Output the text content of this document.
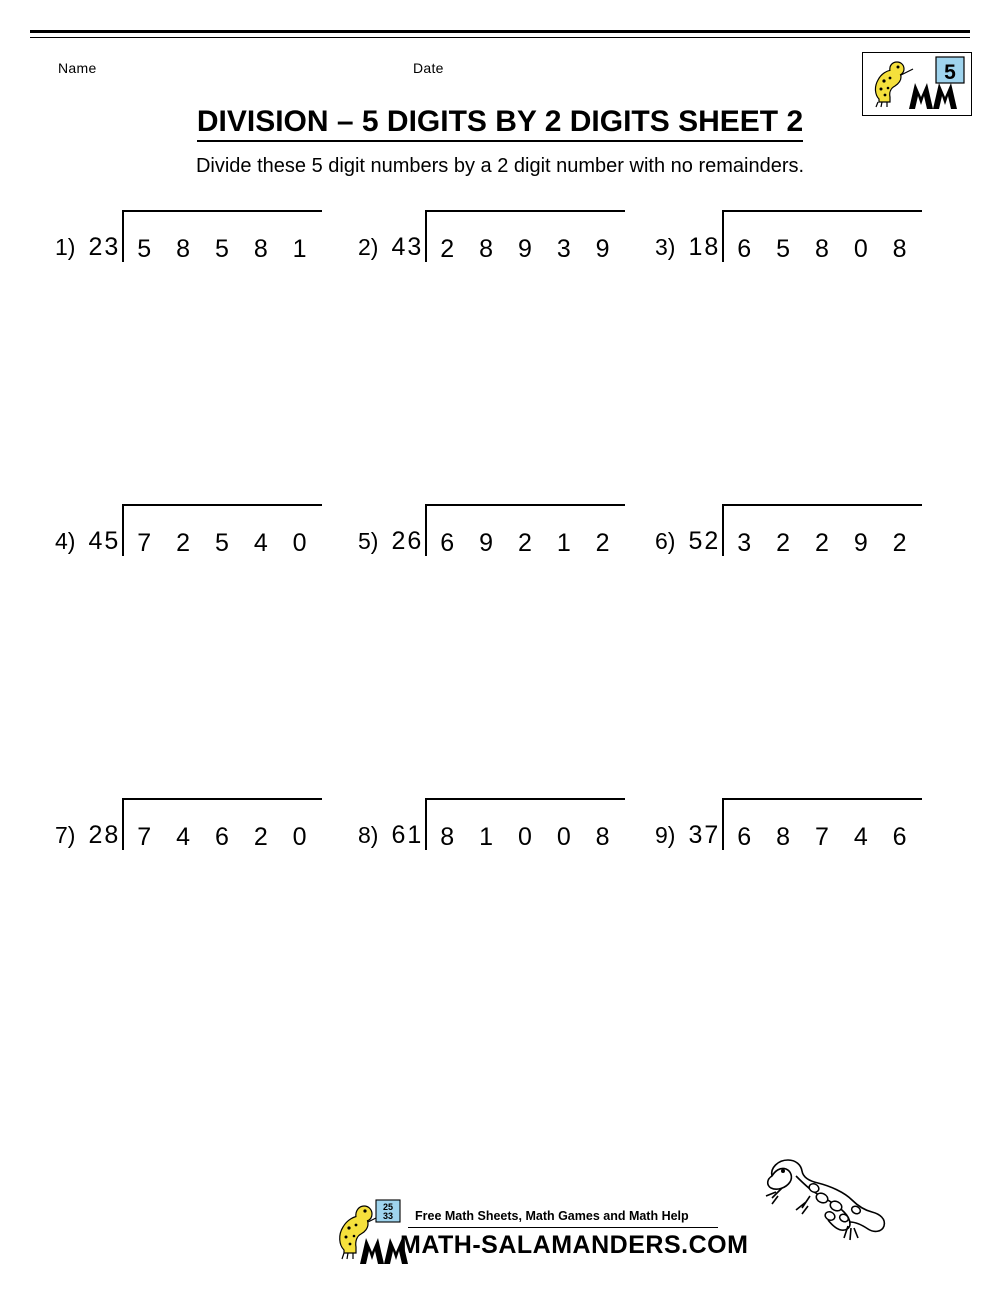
Name	Date	5
DIVISION – 5 DIGITS BY 2 DIGITS SHEET 2
Divide these 5 digit numbers by a 2 digit number with no remainders.
1) 23 5 8 5 8 1 2) 43 2 8 9 3 9 3) 18 6 5 8 0 8
4) 45 7 2 5 4 0 5) 26 6 9 2 1 2 6) 52 3 2 2 9 2
7) 28 7 4 6 2 0 8) 61 8 1 0 0 8 9) 37 6 8 7 4 6
25
33 Free Math Sheets, Math Games and Math Help
MATH-SALAMANDERS.COM
